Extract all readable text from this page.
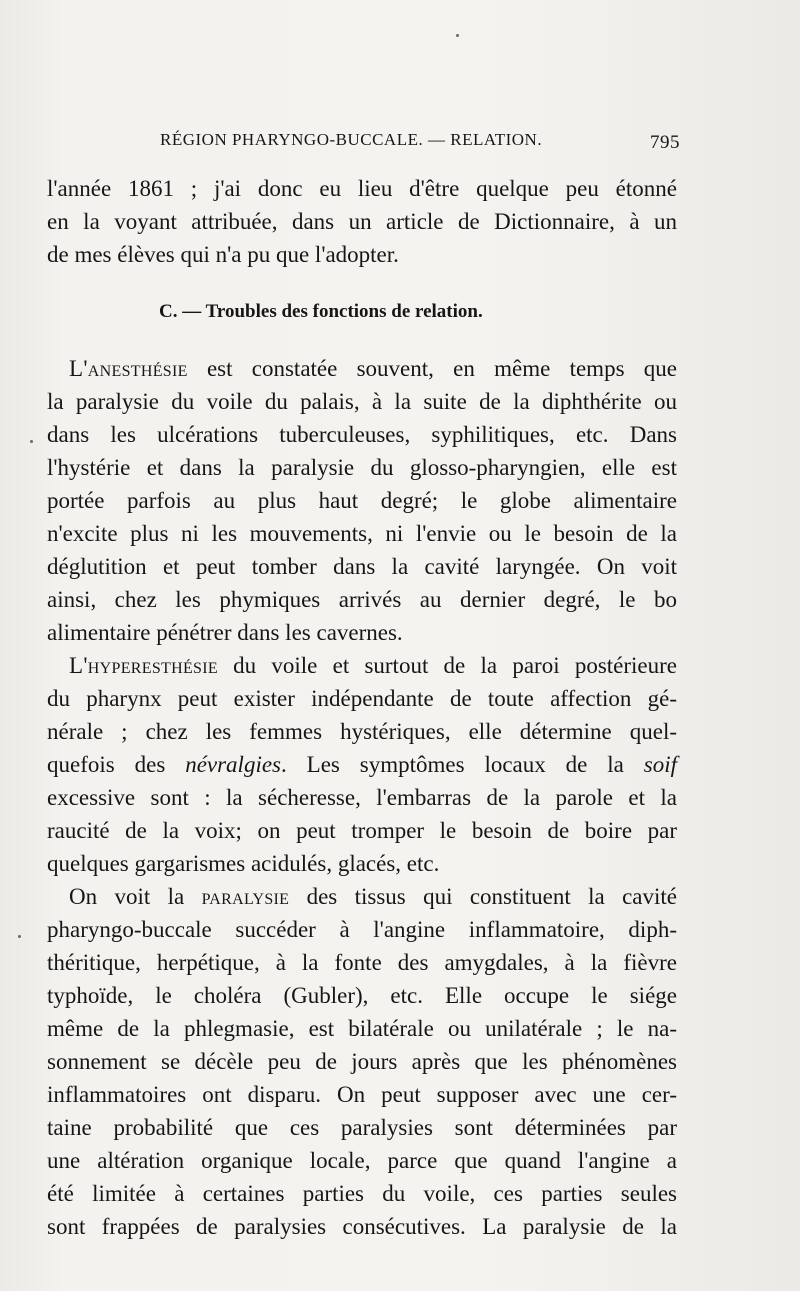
RÉGION PHARYNGO-BUCCALE. — RELATION.	795
l'année 1861 ; j'ai donc eu lieu d'être quelque peu étonné
en la voyant attribuée, dans un article de Dictionnaire, à un
de mes élèves qui n'a pu que l'adopter.
C. — Troubles des fonctions de relation.
L'anesthésie est constatée souvent, en même temps que
la paralysie du voile du palais, à la suite de la diphthérite ou
dans les ulcérations tuberculeuses, syphilitiques, etc. Dans
l'hystérie et dans la paralysie du glosso-pharyngien, elle est
portée parfois au plus haut degré; le globe alimentaire
n'excite plus ni les mouvements, ni l'envie ou le besoin de la
déglutition et peut tomber dans la cavité laryngée. On voit
ainsi, chez les phymiques arrivés au dernier degré, le bo
alimentaire pénétrer dans les cavernes.
L'hyperesthésie du voile et surtout de la paroi postérieure
du pharynx peut exister indépendante de toute affection gé-
nérale ; chez les femmes hystériques, elle détermine quel-
quefois des névralgies. Les symptômes locaux de la soif
excessive sont : la sécheresse, l'embarras de la parole et la
raucité de la voix; on peut tromper le besoin de boire par
quelques gargarismes acidulés, glacés, etc.
On voit la paralysie des tissus qui constituent la cavité
pharyngo-buccale succéder à l'angine inflammatoire, diph-
théritique, herpétique, à la fonte des amygdales, à la fièvre
typhoïde, le choléra (Gubler), etc. Elle occupe le siége
même de la phlegmasie, est bilatérale ou unilatérale ; le na-
sonnement se décèle peu de jours après que les phénomènes
inflammatoires ont disparu. On peut supposer avec une cer-
taine probabilité que ces paralysies sont déterminées par
une altération organique locale, parce que quand l'angine a
été limitée à certaines parties du voile, ces parties seules
sont frappées de paralysies consécutives. La paralysie de la
